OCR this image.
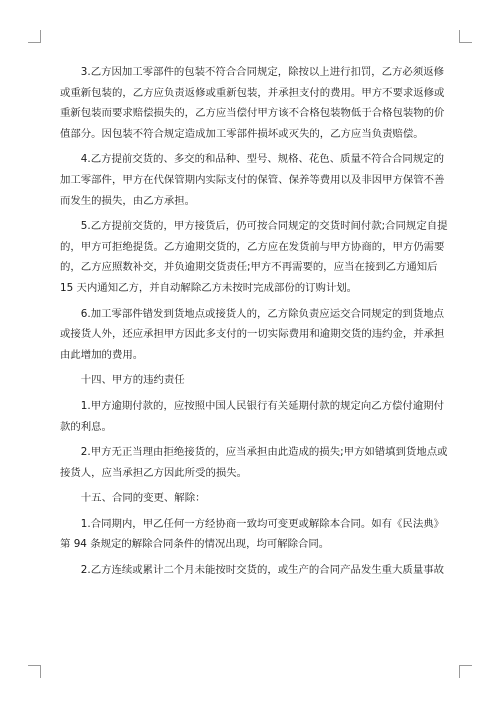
3.乙方因加工零部件的包装不符合合同规定，除按以上进行扣罚，乙方必须返修
或重新包装的，乙方应负责返修或重新包装，并承担支付的费用。甲方不要求返修或
重新包装而要求赔偿损失的，乙方应当偿付甲方该不合格包装物低于合格包装物的价
值部分。因包装不符合规定造成加工零部件损坏或灭失的，乙方应当负责赔偿。

4.乙方提前交货的、多交的和品种、型号、规格、花色、质量不符合合同规定的
加工零部件，甲方在代保管期内实际支付的保管、保养等费用以及非因甲方保管不善
而发生的损失，由乙方承担。

5.乙方提前交货的，甲方接货后，仍可按合同规定的交货时间付款;合同规定自提
的，甲方可拒绝提货。乙方逾期交货的，乙方应在发货前与甲方协商的，甲方仍需要
的，乙方应照数补交，并负逾期交货责任;甲方不再需要的，应当在接到乙方通知后
15 天内通知乙方，并自动解除乙方未按时完成部份的订购计划。

6.加工零部件错发到货地点或接货人的，乙方除负责应运交合同规定的到货地点
或接货人外，还应承担甲方因此多支付的一切实际费用和逾期交货的违约金，并承担
由此增加的费用。

十四、甲方的违约责任

1.甲方逾期付款的，应按照中国人民银行有关延期付款的规定向乙方偿付逾期付
款的利息。

2.甲方无正当理由拒绝接货的，应当承担由此造成的损失;甲方如错填到货地点或
接货人，应当承担乙方因此所受的损失。

十五、合同的变更、解除：

1.合同期内，甲乙任何一方经协商一致均可变更或解除本合同。如有《民法典》
第 94 条规定的解除合同条件的情况出现，均可解除合同。

2.乙方连续或累计二个月未能按时交货的，或生产的合同产品发生重大质量事故
